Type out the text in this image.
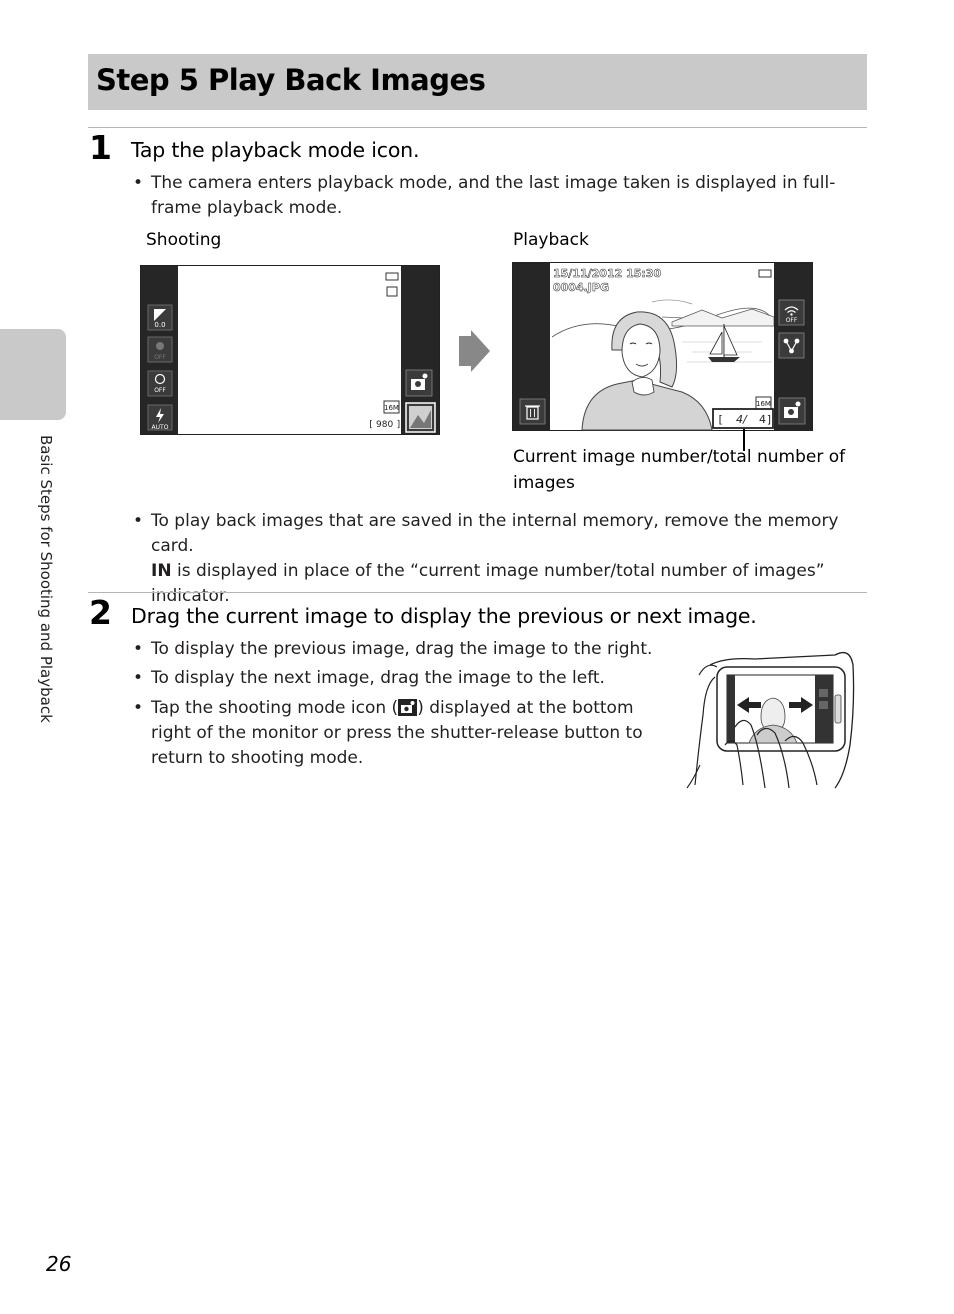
Step 5 Play Back Images
Basic Steps for Shooting and Playback
1 Tap the playback mode icon.
• The camera enters playback mode, and the last image taken is displayed in full-frame playback mode.
Shooting	Playback
0.0
OFF
OFF
AUTO
16M
[ 980 ]
15/11/2012 15:30
0004.JPG
16M
[ 4/ 4 ]
OFF
Current image number/total number of
images
• To play back images that are saved in the internal memory, remove the memory card.

IN is displayed in place of the “current image number/total number of images”

indicator.

2 Drag the current image to display the previous or next image.
• To display the previous image, drag the image to the right.
• To display the next image, drag the image to the left.
• Tap the shooting mode icon ( ) displayed at the bottom

right of the monitor or press the shutter-release button to

return to shooting mode.

26
